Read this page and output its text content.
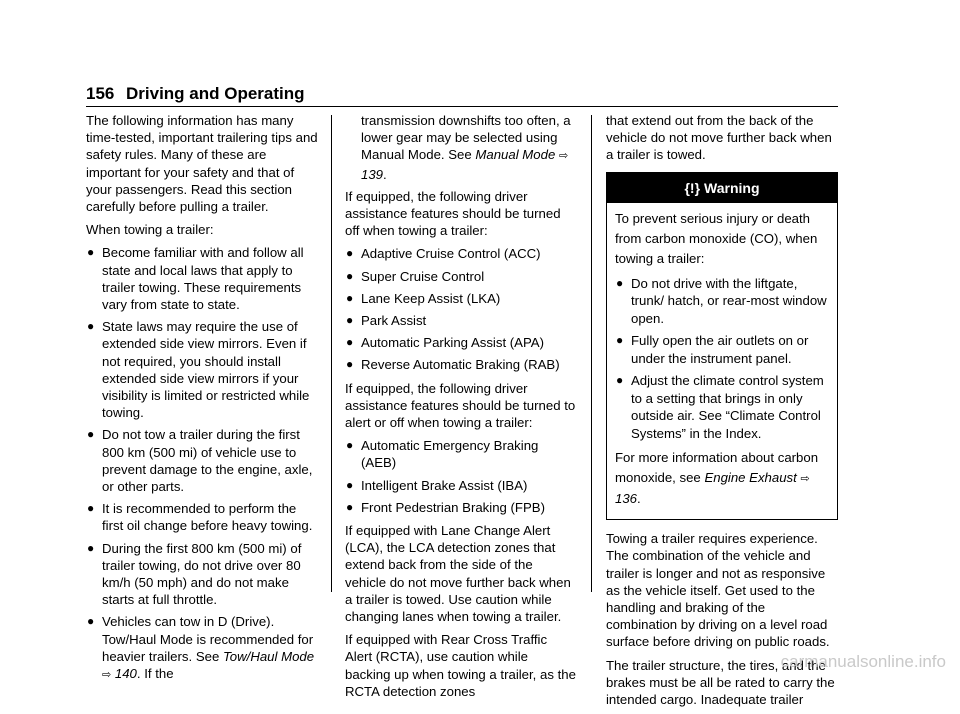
156 Driving and Operating

The following information has many time-tested, important trailering tips and safety rules. Many of these are important for your safety and that of your passengers. Read this section carefully before pulling a trailer.

When towing a trailer:

● Become familiar with and follow all state and local laws that apply to trailer towing. These requirements vary from state to state.
● State laws may require the use of extended side view mirrors. Even if not required, you should install extended side view mirrors if your visibility is limited or restricted while towing.
● Do not tow a trailer during the first 800 km (500 mi) of vehicle use to prevent damage to the engine, axle, or other parts.
● It is recommended to perform the first oil change before heavy towing.
● During the first 800 km (500 mi) of trailer towing, do not drive over 80 km/h (50 mph) and do not make starts at full throttle.
● Vehicles can tow in D (Drive). Tow/Haul Mode is recommended for heavier trailers. See Tow/Haul Mode ⇨ 140. If the
transmission downshifts too often, a lower gear may be selected using Manual Mode. See Manual Mode ⇨ 139.

If equipped, the following driver assistance features should be turned off when towing a trailer:

● Adaptive Cruise Control (ACC)
● Super Cruise Control
● Lane Keep Assist (LKA)
● Park Assist
● Automatic Parking Assist (APA)
● Reverse Automatic Braking (RAB)

If equipped, the following driver assistance features should be turned to alert or off when towing a trailer:

● Automatic Emergency Braking (AEB)
● Intelligent Brake Assist (IBA)
● Front Pedestrian Braking (FPB)

If equipped with Lane Change Alert (LCA), the LCA detection zones that extend back from the side of the vehicle do not move further back when a trailer is towed. Use caution while changing lanes when towing a trailer.

If equipped with Rear Cross Traffic Alert (RCTA), use caution while backing up when towing a trailer, as the RCTA detection zones

that extend out from the back of the vehicle do not move further back when a trailer is towed.

{!} Warning

To prevent serious injury or death from carbon monoxide (CO), when towing a trailer:

● Do not drive with the liftgate, trunk/ hatch, or rear-most window open.
● Fully open the air outlets on or under the instrument panel.
● Adjust the climate control system to a setting that brings in only outside air. See “Climate Control Systems” in the Index.

For more information about carbon monoxide, see Engine Exhaust ⇨ 136.

Towing a trailer requires experience. The combination of the vehicle and trailer is longer and not as responsive as the vehicle itself. Get used to the handling and braking of the combination by driving on a level road surface before driving on public roads.

The trailer structure, the tires, and the brakes must be all be rated to carry the intended cargo. Inadequate trailer

carmanualsonline.info
